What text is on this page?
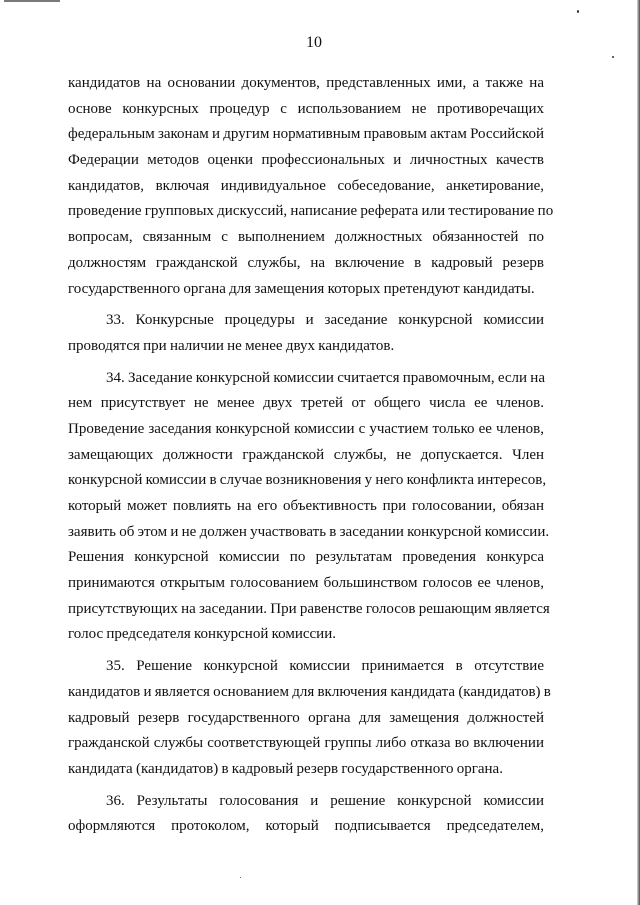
10
кандидатов на основании документов, представленных ими, а также на
основе конкурсных процедур с использованием не противоречащих
федеральным законам и другим нормативным правовым актам Российской
Федерации методов оценки профессиональных и личностных качеств
кандидатов, включая индивидуальное собеседование, анкетирование,
проведение групповых дискуссий, написание реферата или тестирование по
вопросам, связанным с выполнением должностных обязанностей по
должностям гражданской службы, на включение в кадровый резерв
государственного органа для замещения которых претендуют кандидаты.
33. Конкурсные процедуры и заседание конкурсной комиссии
проводятся при наличии не менее двух кандидатов.
34. Заседание конкурсной комиссии считается правомочным, если на
нем присутствует не менее двух третей от общего числа ее членов.
Проведение заседания конкурсной комиссии с участием только ее членов,
замещающих должности гражданской службы, не допускается. Член
конкурсной комиссии в случае возникновения у него конфликта интересов,
который может повлиять на его объективность при голосовании, обязан
заявить об этом и не должен участвовать в заседании конкурсной комиссии.
Решения конкурсной комиссии по результатам проведения конкурса
принимаются открытым голосованием большинством голосов ее членов,
присутствующих на заседании. При равенстве голосов решающим является
голос председателя конкурсной комиссии.
35. Решение конкурсной комиссии принимается в отсутствие
кандидатов и является основанием для включения кандидата (кандидатов) в
кадровый резерв государственного органа для замещения должностей
гражданской службы соответствующей группы либо отказа во включении
кандидата (кандидатов) в кадровый резерв государственного органа.
36. Результаты голосования и решение конкурсной комиссии
оформляются протоколом, который подписывается председателем,
